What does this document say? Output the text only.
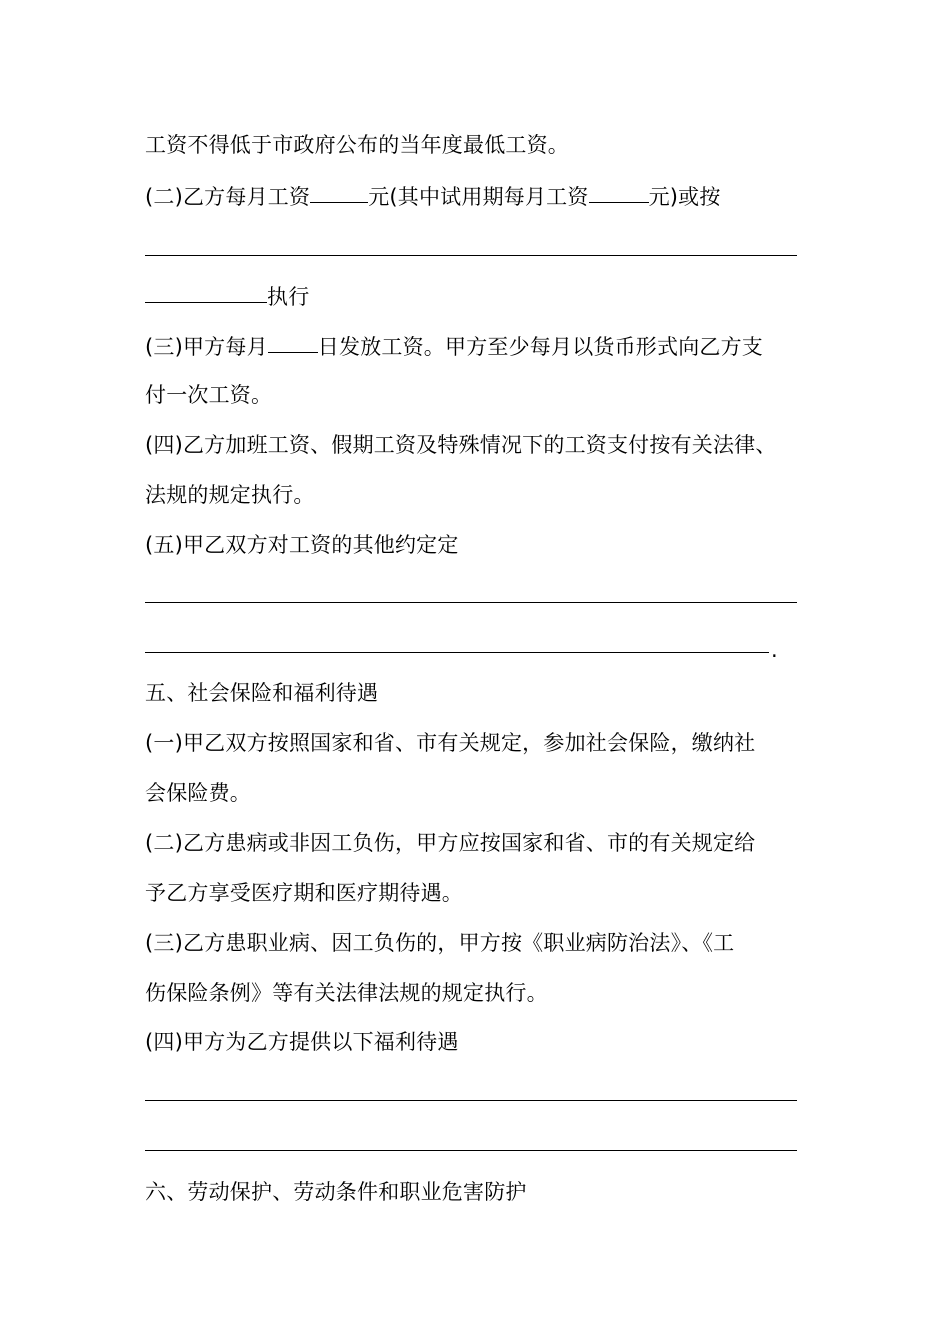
工资不得低于市政府公布的当年度最低工资。
(二)乙方每月工资	元(其中试用期每月工资	元)或按
执行
(三)甲方每月 日发放工资。甲方至少每月以货币形式向乙方支
付一次工资。
(四)乙方加班工资、假期工资及特殊情况下的工资支付按有关法律、
法规的规定执行。
(五)甲乙双方对工资的其他约定定
.
五、社会保险和福利待遇
(一)甲乙双方按照国家和省、市有关规定，参加社会保险，缴纳社
会保险费。
(二)乙方患病或非因工负伤，甲方应按国家和省、市的有关规定给
予乙方享受医疗期和医疗期待遇。
(三)乙方患职业病、因工负伤的，甲方按《职业病防治法》、《工
伤保险条例》等有关法律法规的规定执行。
(四)甲方为乙方提供以下福利待遇
六、劳动保护、劳动条件和职业危害防护
